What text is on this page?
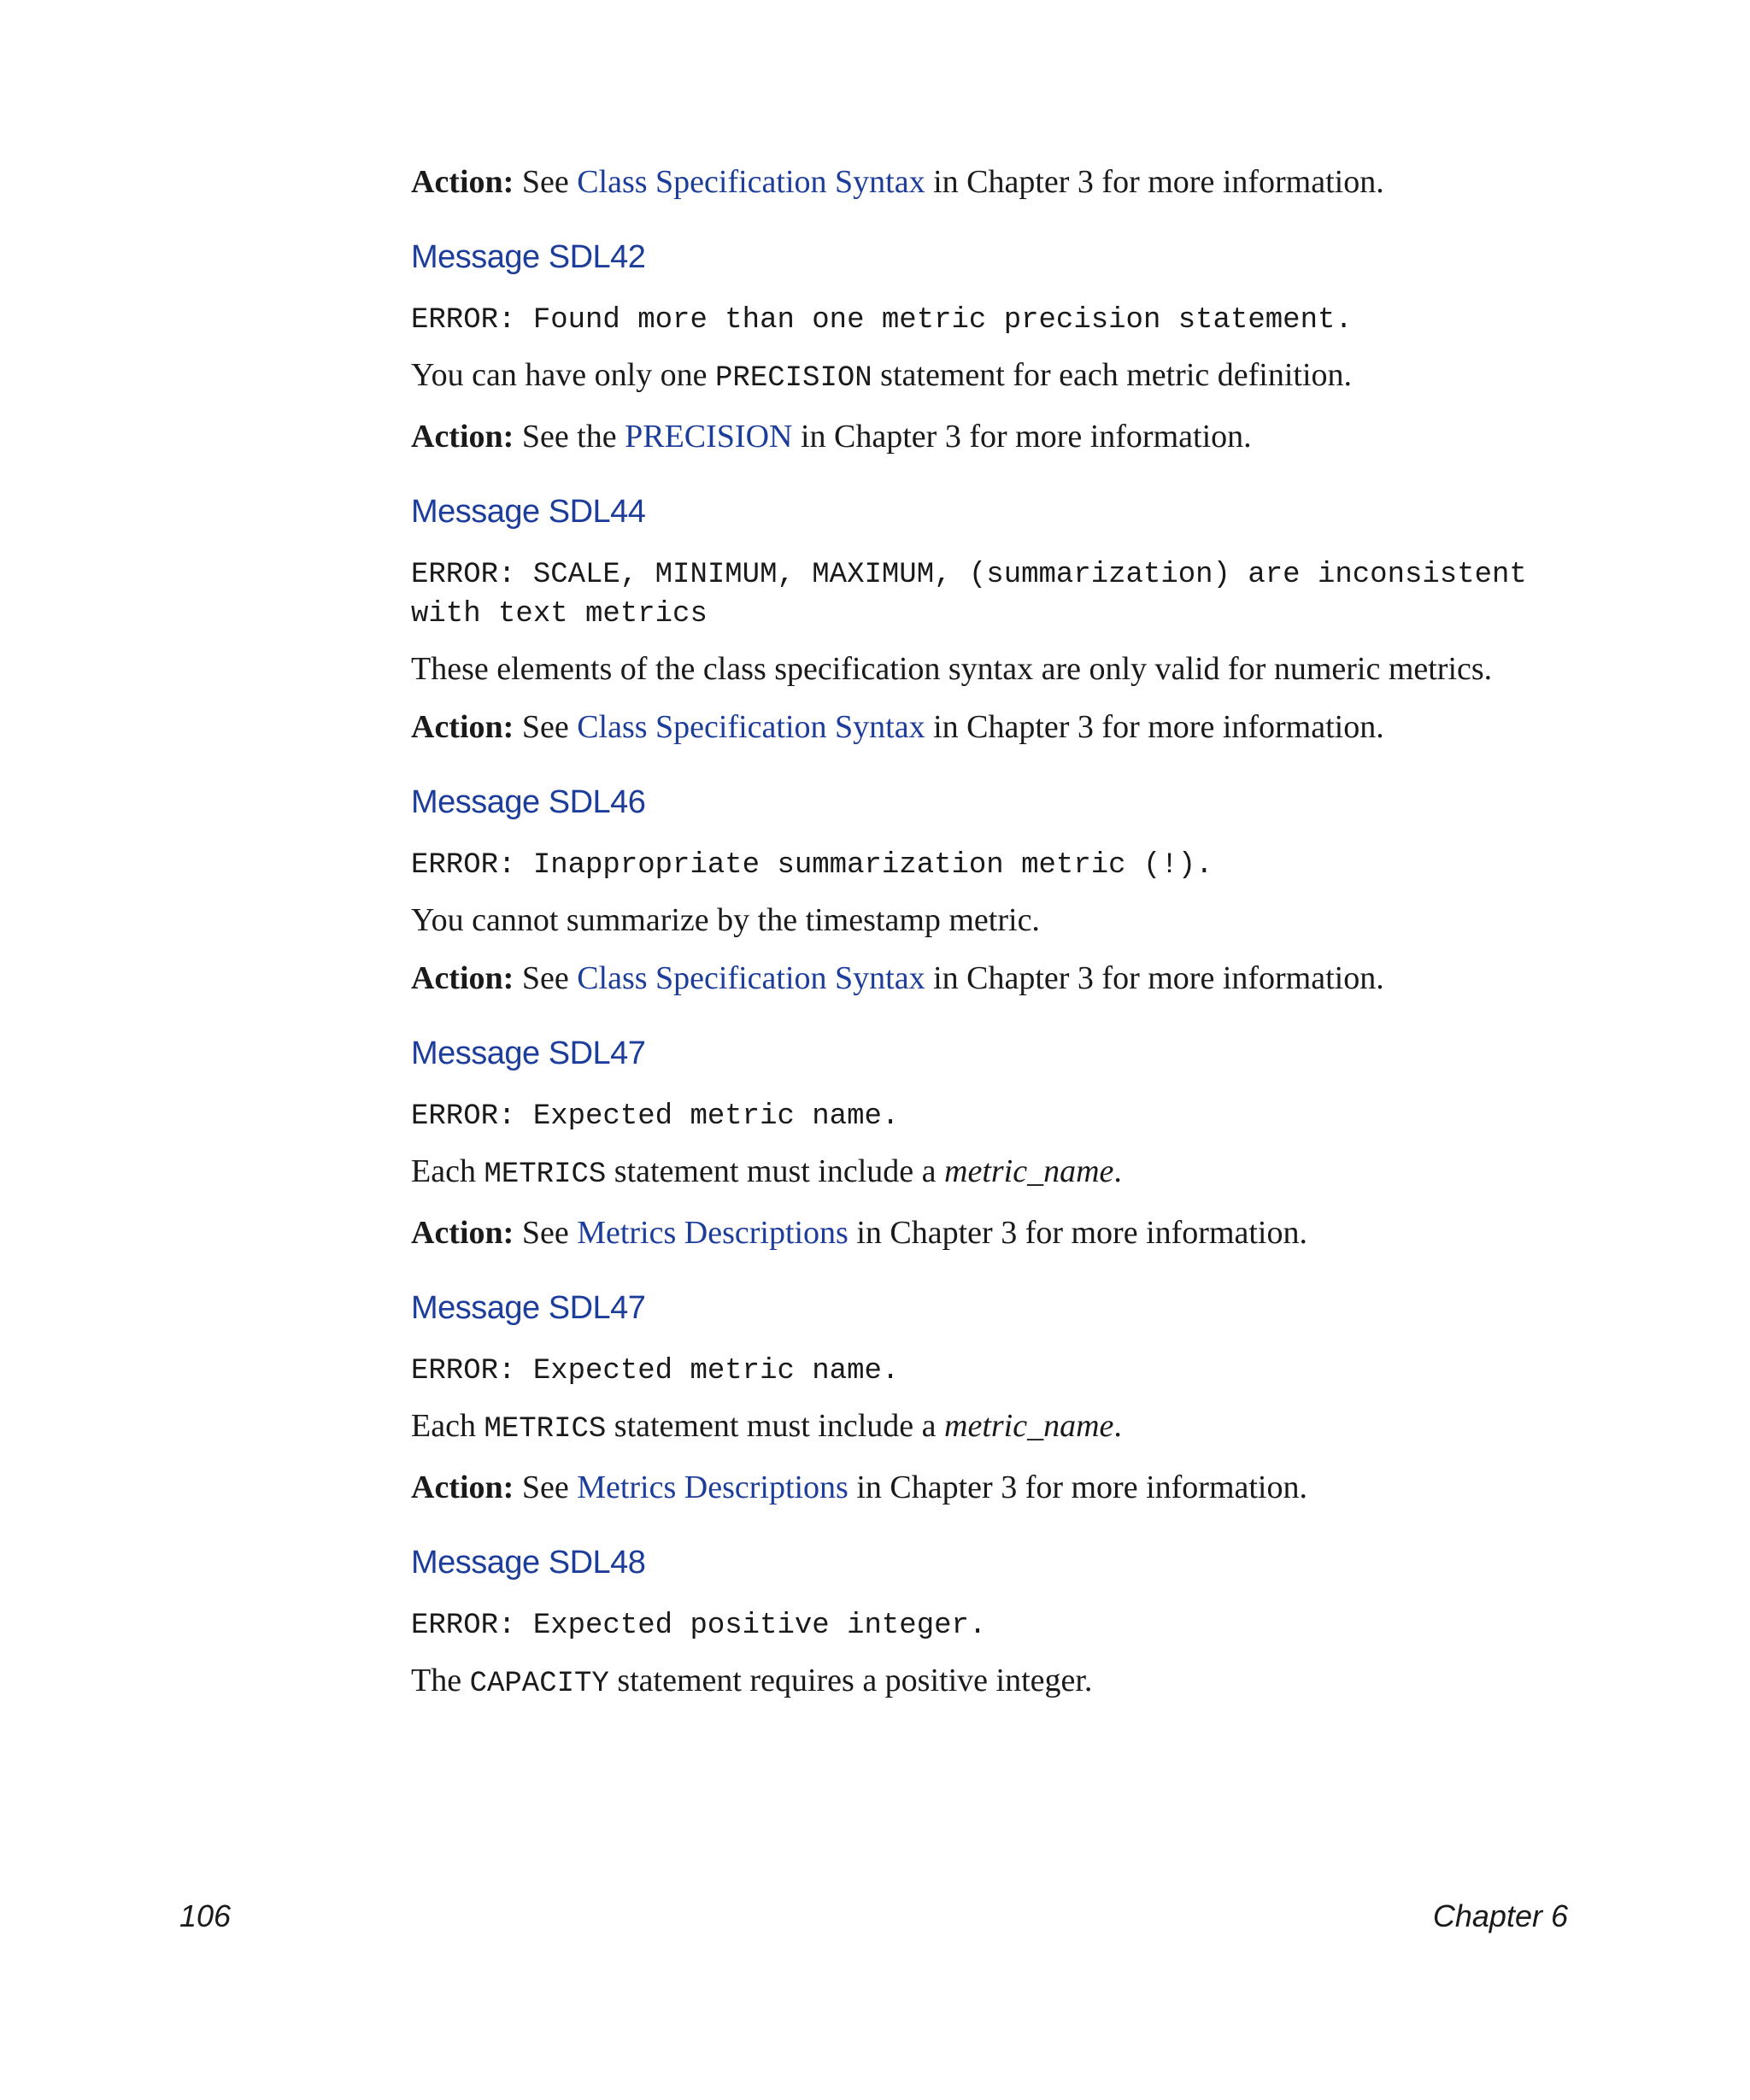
Action: See Class Specification Syntax in Chapter 3 for more information.

Message SDL42
ERROR: Found more than one metric precision statement.

You can have only one PRECISION statement for each metric definition.

Action: See the PRECISION in Chapter 3 for more information.

Message SDL44
ERROR: SCALE, MINIMUM, MAXIMUM, (summarization) are inconsistent
with text metrics

These elements of the class specification syntax are only valid for numeric metrics.

Action: See Class Specification Syntax in Chapter 3 for more information.

Message SDL46
ERROR: Inappropriate summarization metric (!).

You cannot summarize by the timestamp metric.

Action: See Class Specification Syntax in Chapter 3 for more information.

Message SDL47
ERROR: Expected metric name.

Each METRICS statement must include a metric_name.

Action: See Metrics Descriptions in Chapter 3 for more information.

Message SDL47
ERROR: Expected metric name.

Each METRICS statement must include a metric_name.

Action: See Metrics Descriptions in Chapter 3 for more information.

Message SDL48
ERROR: Expected positive integer.

The CAPACITY statement requires a positive integer.

106	Chapter 6
